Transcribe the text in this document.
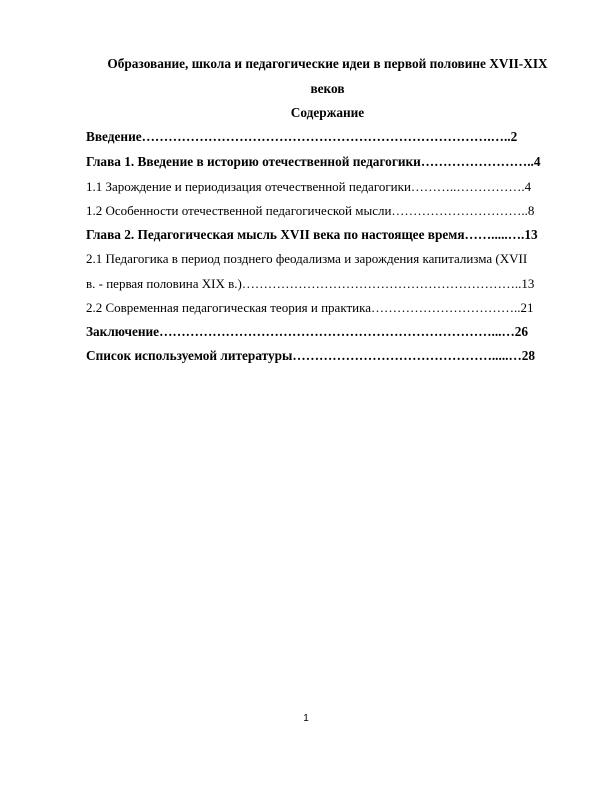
Образование, школа и педагогические идеи в первой половине XVII-XIX
веков
Содержание
Введение…………………………………………………………………….…..2
Глава 1. Введение в историю отечественной педагогики……………………..4
1.1 Зарождение и периодизация отечественной педагогики………..…………….4
1.2 Особенности отечественной педагогической мысли…………………………..8
Глава 2. Педагогическая мысль XVII века по настоящее время…….....….13
2.1 Педагогика в период позднего феодализма и зарождения капитализма (XVII
в. - первая половина XIX в.)………………………………………………………..13
2.2 Современная педагогическая теория и практика……………………………..21
Заключение…………………………………………………………………...…26
Список используемой литературы……………………………………….....…28
1
